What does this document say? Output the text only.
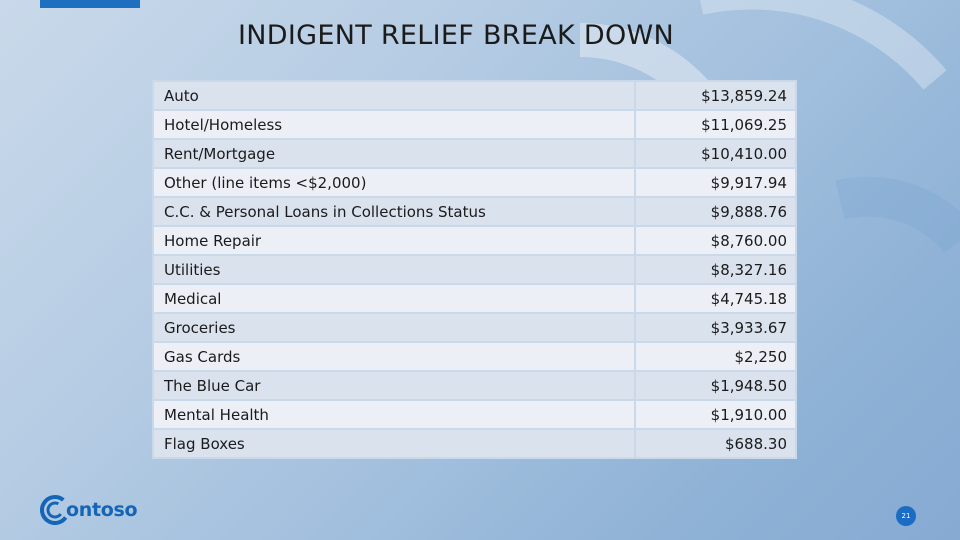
INDIGENT RELIEF BREAK DOWN
Auto	$13,859.24
Hotel/Homeless	$11,069.25
Rent/Mortgage	$10,410.00
Other (line items <$2,000)	$9,917.94
C.C. & Personal Loans in Collections Status	$9,888.76
Home Repair	$8,760.00
Utilities	$8,327.16
Medical	$4,745.18
Groceries	$3,933.67
Gas Cards	$2,250
The Blue Car	$1,948.50
Mental Health	$1,910.00
Flag Boxes	$688.30
ontoso	21
